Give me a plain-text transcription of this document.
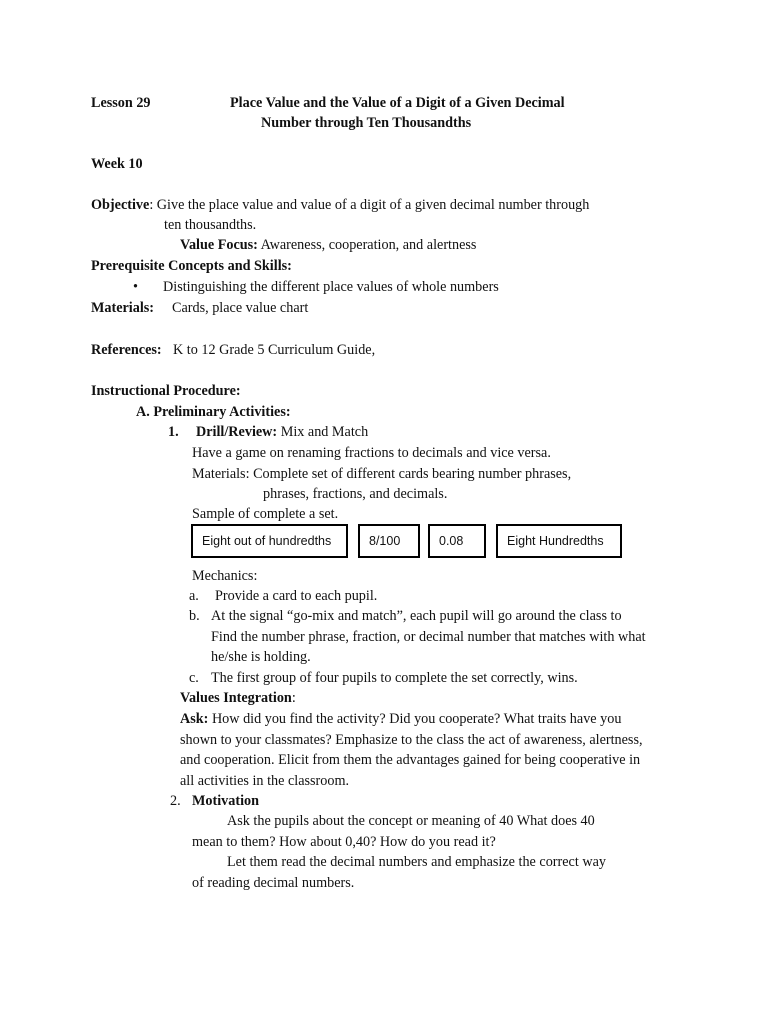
Lesson 29	Place Value and the Value of a Digit of a Given Decimal
Number through Ten Thousandths
Week 10
Objective: Give the place value and value of a digit of a given decimal number through
ten thousandths.
Value Focus: Awareness, cooperation, and alertness
Prerequisite Concepts and Skills:
• Distinguishing the different place values of whole numbers
Materials: Cards, place value chart
References: K to 12 Grade 5 Curriculum Guide,
Instructional Procedure:
A. Preliminary Activities:
1. Drill/Review: Mix and Match
Have a game on renaming fractions to decimals and vice versa.
Materials: Complete set of different cards bearing number phrases,
phrases, fractions, and decimals.
Sample of complete a set.
Eight out of hundredths	8/100	0.08	Eight Hundredths
Mechanics:
a. Provide a card to each pupil.
b. At the signal “go-mix and match”, each pupil will go around the class to
Find the number phrase, fraction, or decimal number that matches with what
he/she is holding.
c. The first group of four pupils to complete the set correctly, wins.
Values Integration:
Ask: How did you find the activity? Did you cooperate? What traits have you
shown to your classmates? Emphasize to the class the act of awareness, alertness,
and cooperation. Elicit from them the advantages gained for being cooperative in
all activities in the classroom.
2. Motivation
Ask the pupils about the concept or meaning of 40 What does 40
mean to them? How about 0,40? How do you read it?
Let them read the decimal numbers and emphasize the correct way
of reading decimal numbers.
